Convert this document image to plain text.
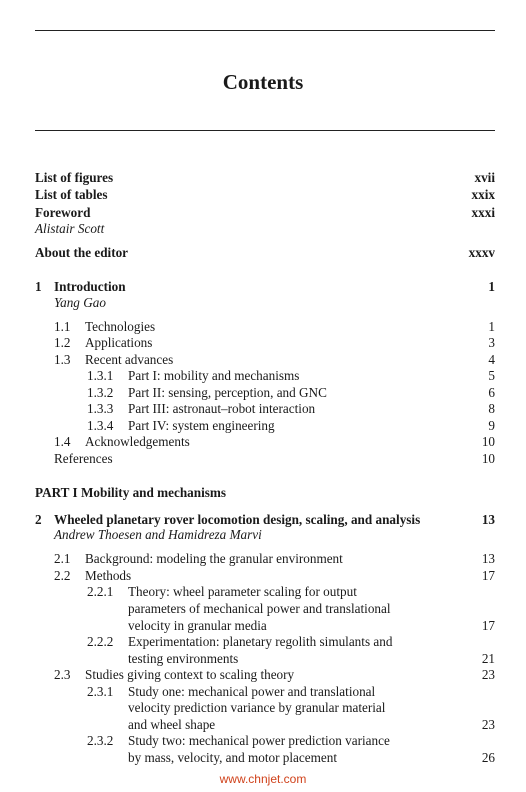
Contents
List of figures	xvii
List of tables	xxix
Foreword	xxxi
Alistair Scott
About the editor	xxxv
1 Introduction	1
Yang Gao
1.1 Technologies	1
1.2 Applications	3
1.3 Recent advances	4
1.3.1 Part I: mobility and mechanisms	5
1.3.2 Part II: sensing, perception, and GNC	6
1.3.3 Part III: astronaut–robot interaction	8
1.3.4 Part IV: system engineering	9
1.4 Acknowledgements	10
References	10
PART I Mobility and mechanisms
2 Wheeled planetary rover locomotion design, scaling, and analysis	13
Andrew Thoesen and Hamidreza Marvi
2.1 Background: modeling the granular environment	13
2.2 Methods	17
2.2.1 Theory: wheel parameter scaling for output
parameters of mechanical power and translational
velocity in granular media	17
2.2.2 Experimentation: planetary regolith simulants and
testing environments	21
2.3 Studies giving context to scaling theory	23
2.3.1 Study one: mechanical power and translational
velocity prediction variance by granular material
and wheel shape	23
2.3.2 Study two: mechanical power prediction variance
by mass, velocity, and motor placement	26
www.chnjet.com
